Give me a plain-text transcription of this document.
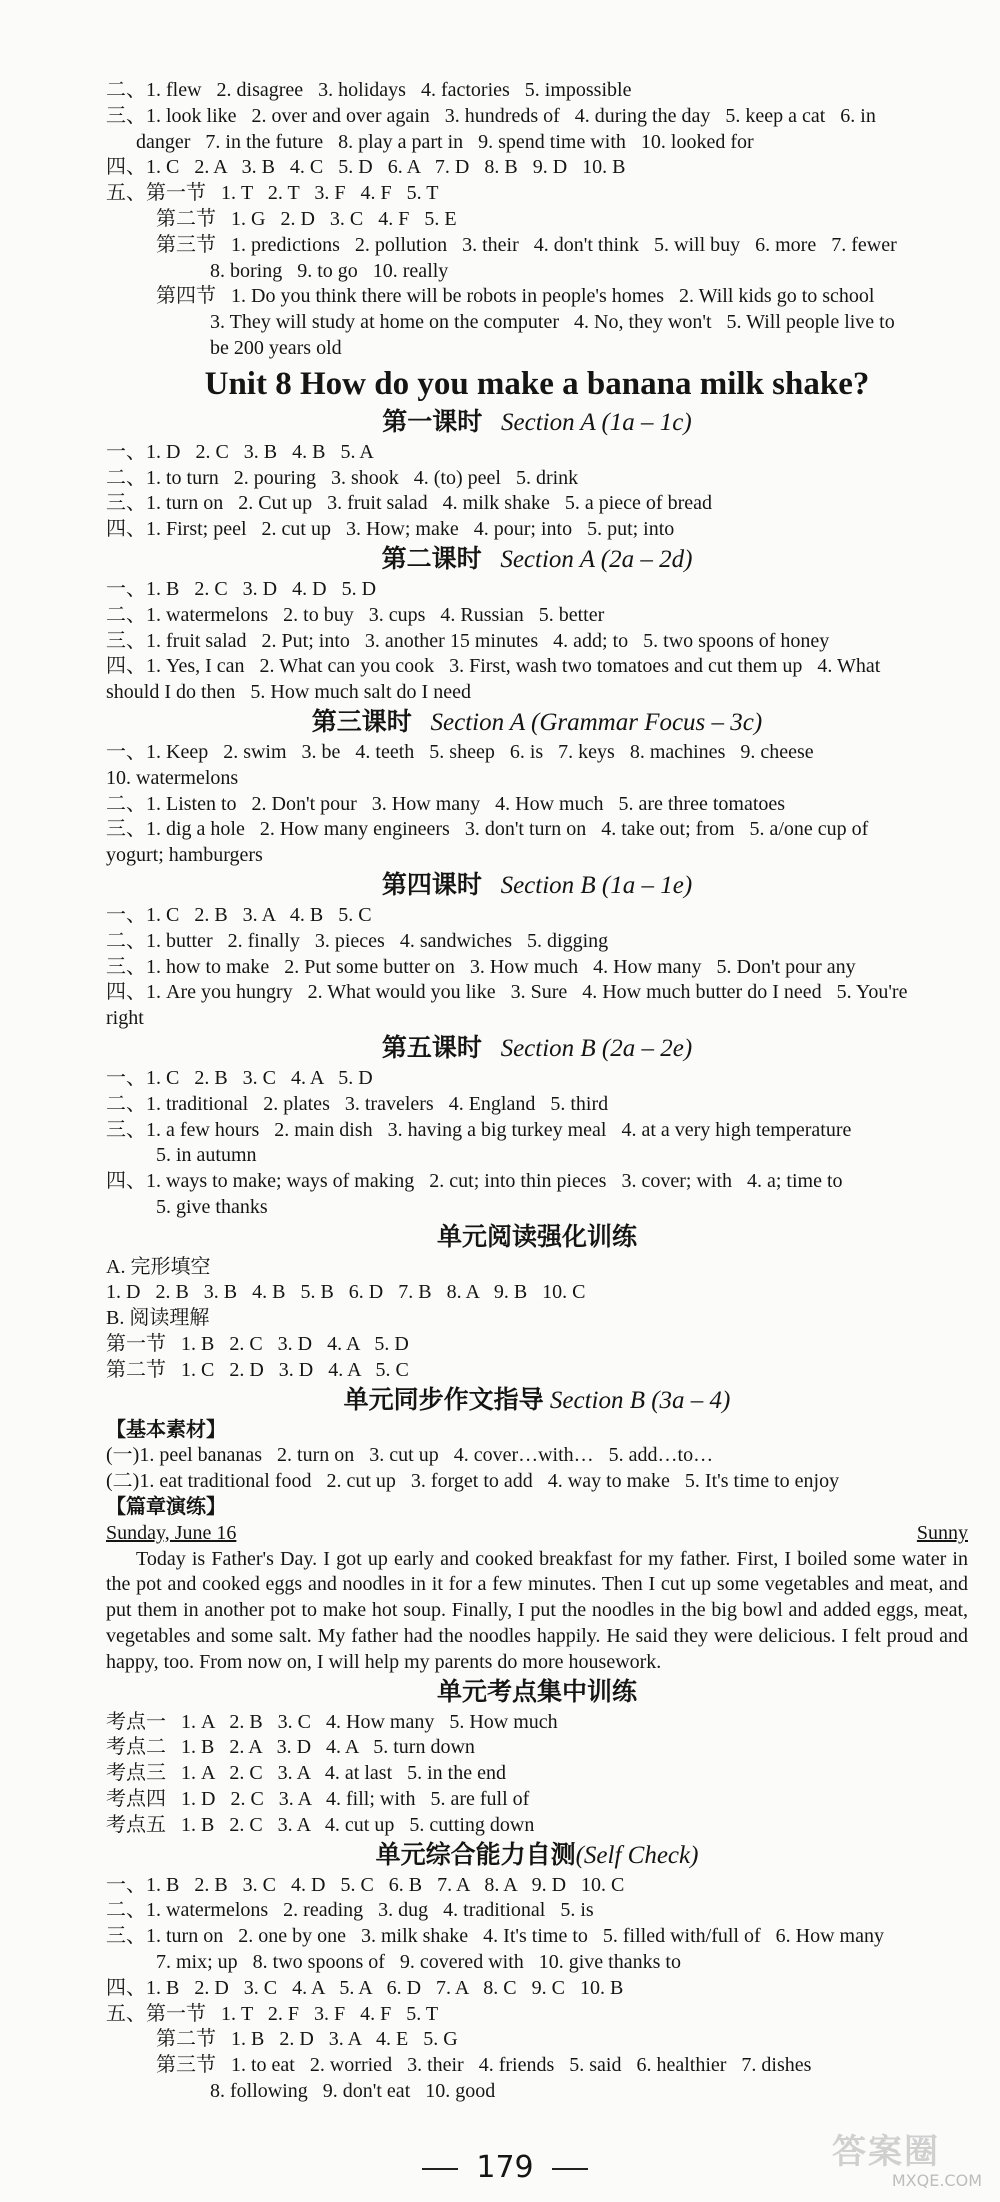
二、1. flew   2. disagree   3. holidays   4. factories   5. impossible
三、1. look like   2. over and over again   3. hundreds of   4. during the day   5. keep a cat   6. in
danger   7. in the future   8. play a part in   9. spend time with   10. looked for
四、1. C   2. A   3. B   4. C   5. D   6. A   7. D   8. B   9. D   10. B
五、第一节   1. T   2. T   3. F   4. F   5. T
第二节   1. G   2. D   3. C   4. F   5. E
第三节   1. predictions   2. pollution   3. their   4. don't think   5. will buy   6. more   7. fewer
8. boring   9. to go   10. really
第四节   1. Do you think there will be robots in people's homes   2. Will kids go to school
3. They will study at home on the computer   4. No, they won't   5. Will people live to
be 200 years old
Unit 8 How do you make a banana milk shake?
第一课时 Section A (1a – 1c)
一、1. D   2. C   3. B   4. B   5. A
二、1. to turn   2. pouring   3. shook   4. (to) peel   5. drink
三、1. turn on   2. Cut up   3. fruit salad   4. milk shake   5. a piece of bread
四、1. First; peel   2. cut up   3. How; make   4. pour; into   5. put; into
第二课时 Section A (2a – 2d)
一、1. B   2. C   3. D   4. D   5. D
二、1. watermelons   2. to buy   3. cups   4. Russian   5. better
三、1. fruit salad   2. Put; into   3. another 15 minutes   4. add; to   5. two spoons of honey
四、1. Yes, I can   2. What can you cook   3. First, wash two tomatoes and cut them up   4. What
should I do then   5. How much salt do I need
第三课时 Section A (Grammar Focus – 3c)
一、1. Keep   2. swim   3. be   4. teeth   5. sheep   6. is   7. keys   8. machines   9. cheese
10. watermelons
二、1. Listen to   2. Don't pour   3. How many   4. How much   5. are three tomatoes
三、1. dig a hole   2. How many engineers   3. don't turn on   4. take out; from   5. a/one cup of
yogurt; hamburgers
第四课时 Section B (1a – 1e)
一、1. C   2. B   3. A   4. B   5. C
二、1. butter   2. finally   3. pieces   4. sandwiches   5. digging
三、1. how to make   2. Put some butter on   3. How much   4. How many   5. Don't pour any
四、1. Are you hungry   2. What would you like   3. Sure   4. How much butter do I need   5. You're
right
第五课时 Section B (2a – 2e)
一、1. C   2. B   3. C   4. A   5. D
二、1. traditional   2. plates   3. travelers   4. England   5. third
三、1. a few hours   2. main dish   3. having a big turkey meal   4. at a very high temperature
5. in autumn
四、1. ways to make; ways of making   2. cut; into thin pieces   3. cover; with   4. a; time to
5. give thanks
单元阅读强化训练
A. 完形填空
1. D   2. B   3. B   4. B   5. B   6. D   7. B   8. A   9. B   10. C
B. 阅读理解
第一节   1. B   2. C   3. D   4. A   5. D
第二节   1. C   2. D   3. D   4. A   5. C
单元同步作文指导 Section B (3a – 4)
【基本素材】
(一)1. peel bananas   2. turn on   3. cut up   4. cover…with…   5. add…to…
(二)1. eat traditional food   2. cut up   3. forget to add   4. way to make   5. It's time to enjoy
【篇章演练】
Sunday, June 16	Sunny

Today is Father's Day. I got up early and cooked breakfast for my father. First, I boiled some water in the pot and cooked eggs and noodles in it for a few minutes. Then I cut up some vegetables and meat, and put them in another pot to make hot soup. Finally, I put the noodles in the big bowl and added eggs, meat, vegetables and some salt. My father had the noodles happily. He said they were delicious. I felt proud and happy, too. From now on, I will help my parents do more housework.

单元考点集中训练
考点一   1. A   2. B   3. C   4. How many   5. How much
考点二   1. B   2. A   3. D   4. A   5. turn down
考点三   1. A   2. C   3. A   4. at last   5. in the end
考点四   1. D   2. C   3. A   4. fill; with   5. are full of
考点五   1. B   2. C   3. A   4. cut up   5. cutting down
单元综合能力自测(Self Check)
一、1. B   2. B   3. C   4. D   5. C   6. B   7. A   8. A   9. D   10. C
二、1. watermelons   2. reading   3. dug   4. traditional   5. is
三、1. turn on   2. one by one   3. milk shake   4. It's time to   5. filled with/full of   6. How many
7. mix; up   8. two spoons of   9. covered with   10. give thanks to
四、1. B   2. D   3. C   4. A   5. A   6. D   7. A   8. C   9. C   10. B
五、第一节   1. T   2. F   3. F   4. F   5. T
第二节   1. B   2. D   3. A   4. E   5. G
第三节   1. to eat   2. worried   3. their   4. friends   5. said   6. healthier   7. dishes
8. following   9. don't eat   10. good
179	答案圈
MXQE.COM
